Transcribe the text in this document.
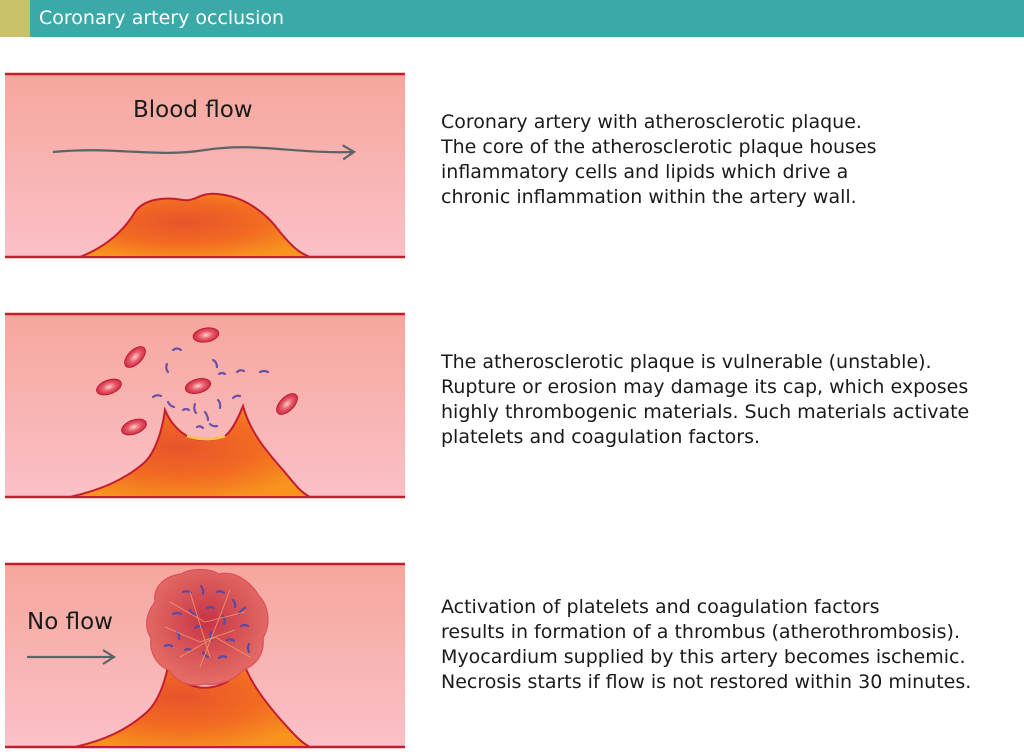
Coronary artery occlusion
Blood flow	Coronary artery with atherosclerotic plaque.
The core of the atherosclerotic plaque houses
inflammatory cells and lipids which drive a
chronic inflammation within the artery wall.
The atherosclerotic plaque is vulnerable (unstable).
Rupture or erosion may damage its cap, which exposes
highly thrombogenic materials. Such materials activate
platelets and coagulation factors.
No flow
Activation of platelets and coagulation factors
results in formation of a thrombus (atherothrombosis).
Myocardium supplied by this artery becomes ischemic.
Necrosis starts if flow is not restored within 30 minutes.
